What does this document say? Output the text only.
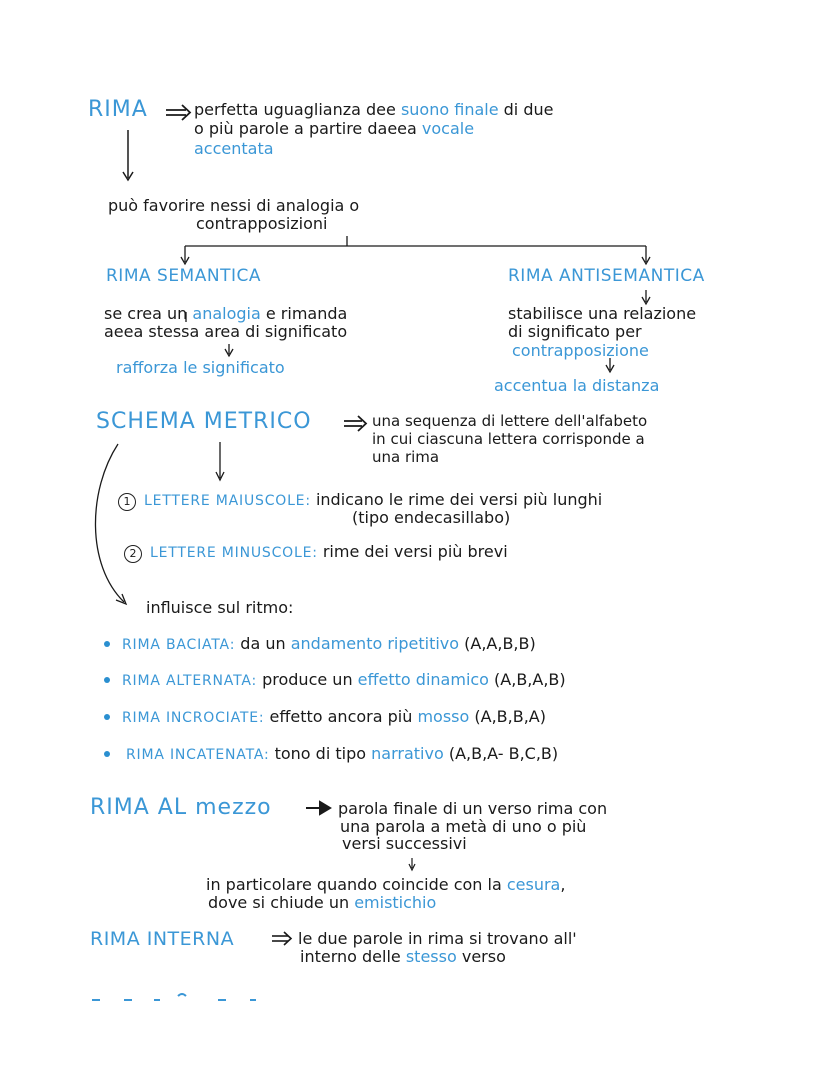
RIMA	perfetta uguaglianza dee suono finale di due
o più parole a partire daeea vocale
accentata
può favorire nessi di analogia o
contrapposizioni
RIMA SEMANTICA
se crea un analogia e rimanda
aeea stessa area di significato
rafforza le significato
RIMA ANTISEMANTICA
stabilisce una relazione
di significato per
contrapposizione
accentua la distanza
SCHEMA METRICO	una sequenza di lettere dell'alfabeto
in cui ciascuna lettera corrisponde a
una rima
1 LETTERE MAIUSCOLE: indicano le rime dei versi più lunghi
(tipo endecasillabo)
2 LETTERE MINUSCOLE: rime dei versi più brevi
influisce sul ritmo:
RIMA BACIATA: da un andamento ripetitivo (A,A,B,B)
RIMA ALTERNATA: produce un effetto dinamico (A,B,A,B)
RIMA INCROCIATE: effetto ancora più mosso (A,B,B,A)
RIMA INCATENATA: tono di tipo narrativo (A,B,A- B,C,B)
RIMA AL mezzo	parola finale di un verso rima con
una parola a metà di uno o più
versi successivi
in particolare quando coincide con la cesura,
dove si chiude un emistichio
RIMA INTERNA	le due parole in rima si trovano all'
interno delle stesso verso
